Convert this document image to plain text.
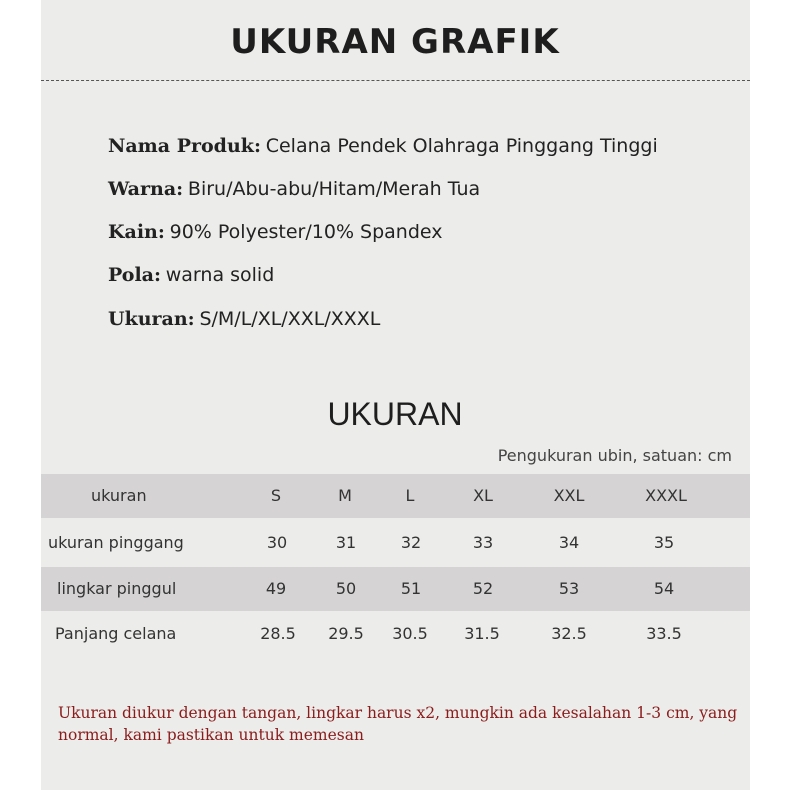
UKURAN GRAFIK
Nama Produk: Celana Pendek Olahraga Pinggang Tinggi
Warna: Biru/Abu-abu/Hitam/Merah Tua
Kain: 90% Polyester/10% Spandex
Pola: warna solid
Ukuran: S/M/L/XL/XXL/XXXL
UKURAN
Pengukuran ubin, satuan: cm
ukuran	S	M	L	XL	XXL	XXXL
ukuran pinggang	30	31	32	33	34	35
lingkar pinggul	49	50	51	52	53	54
Panjang celana	28.5 29.5 30.5 31.5	32.5	33.5
Ukuran diukur dengan tangan, lingkar harus x2, mungkin ada kesalahan 1-3 cm, yang normal, kami pastikan untuk memesan
